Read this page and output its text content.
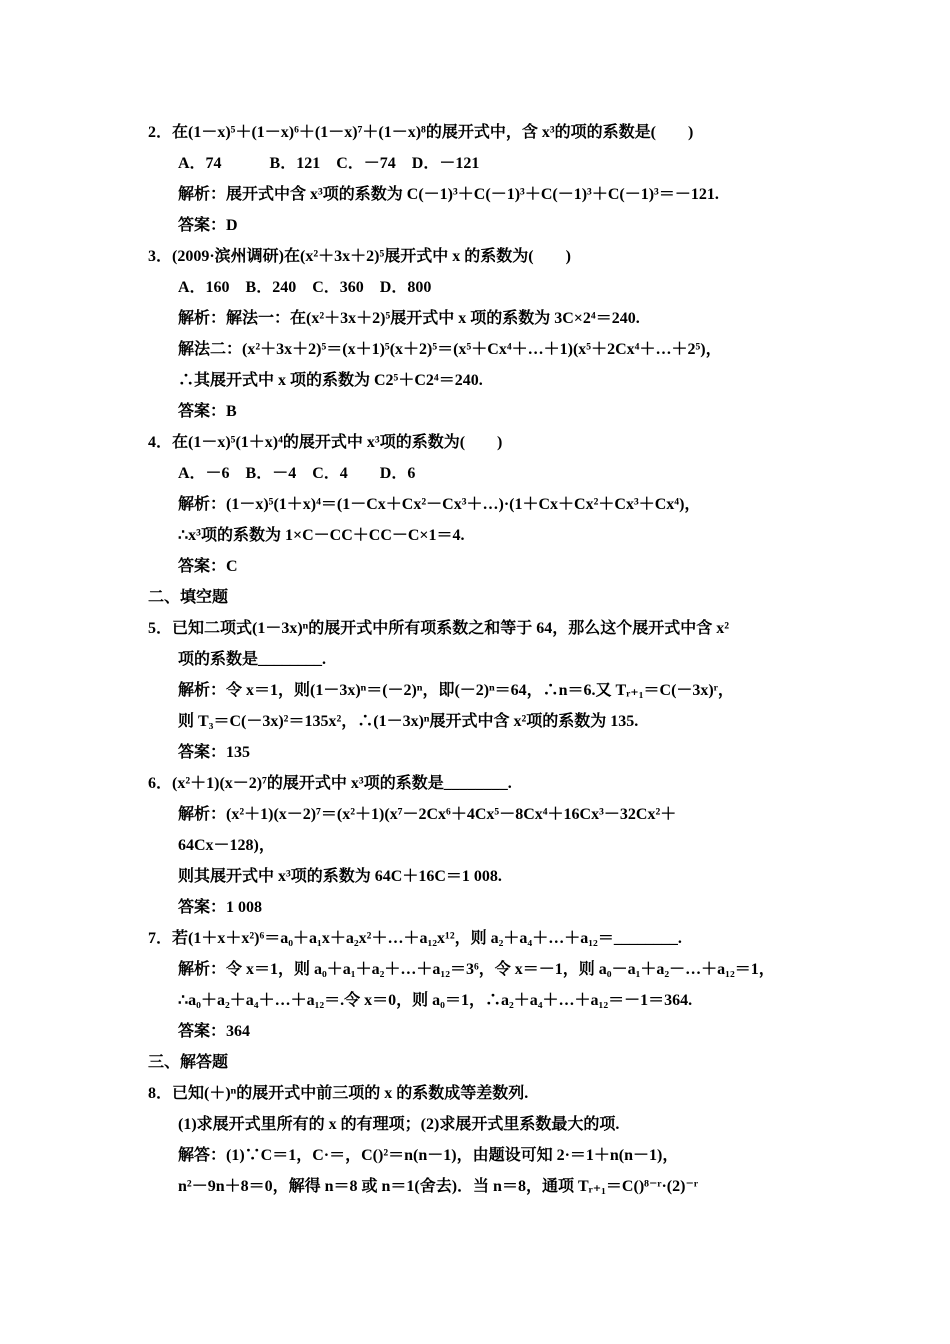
2．在(1－x)⁵＋(1－x)⁶＋(1－x)⁷＋(1－x)⁸的展开式中，含 x³的项的系数是(　　)
A．74　　　B．121　C．－74　D．－121
解析：展开式中含 x³项的系数为 C(－1)³＋C(－1)³＋C(－1)³＋C(－1)³＝－121.
答案：D
3．(2009·滨州调研)在(x²＋3x＋2)⁵展开式中 x 的系数为(　　)
A．160　B．240　C．360　D．800
解析：解法一：在(x²＋3x＋2)⁵展开式中 x 项的系数为 3C×2⁴＝240.
解法二：(x²＋3x＋2)⁵＝(x＋1)⁵(x＋2)⁵＝(x⁵＋Cx⁴＋…＋1)(x⁵＋2Cx⁴＋…＋2⁵)，
∴其展开式中 x 项的系数为 C2⁵＋C2⁴＝240.
答案：B
4．在(1－x)⁵(1＋x)⁴的展开式中 x³项的系数为(　　)
A．－6　B．－4　C．4　　D．6
解析：(1－x)⁵(1＋x)⁴＝(1－Cx＋Cx²－Cx³＋…)·(1＋Cx＋Cx²＋Cx³＋Cx⁴)，
∴x³项的系数为 1×C－CC＋CC－C×1＝4.
答案：C
二、填空题
5．已知二项式(1－3x)ⁿ的展开式中所有项系数之和等于 64，那么这个展开式中含 x²
项的系数是________.
解析：令 x＝1，则(1－3x)ⁿ＝(－2)ⁿ，即(－2)ⁿ＝64，∴n＝6.又 Tᵣ₊₁＝C(－3x)ʳ，
则 T₃＝C(－3x)²＝135x²，∴(1－3x)ⁿ展开式中含 x²项的系数为 135.
答案：135
6．(x²＋1)(x－2)⁷的展开式中 x³项的系数是________.
解析：(x²＋1)(x－2)⁷＝(x²＋1)(x⁷－2Cx⁶＋4Cx⁵－8Cx⁴＋16Cx³－32Cx²＋
64Cx－128)，
则其展开式中 x³项的系数为 64C＋16C＝1 008.
答案：1 008
7．若(1＋x＋x²)⁶＝a₀＋a₁x＋a₂x²＋…＋a₁₂x¹²，则 a₂＋a₄＋…＋a₁₂＝________.
解析：令 x＝1，则 a₀＋a₁＋a₂＋…＋a₁₂＝3⁶，令 x＝－1，则 a₀－a₁＋a₂－…＋a₁₂＝1，
∴a₀＋a₂＋a₄＋…＋a₁₂＝.令 x＝0，则 a₀＝1，∴a₂＋a₄＋…＋a₁₂＝－1＝364.
答案：364
三、解答题
8．已知(＋)ⁿ的展开式中前三项的 x 的系数成等差数列.
(1)求展开式里所有的 x 的有理项；(2)求展开式里系数最大的项.
解答：(1)∵C＝1，C·＝，C()²＝n(n－1)，由题设可知 2·＝1＋n(n－1)，
n²－9n＋8＝0，解得 n＝8 或 n＝1(舍去)．当 n＝8，通项 Tᵣ₊₁＝C()⁸⁻ʳ·(2)⁻ʳ
